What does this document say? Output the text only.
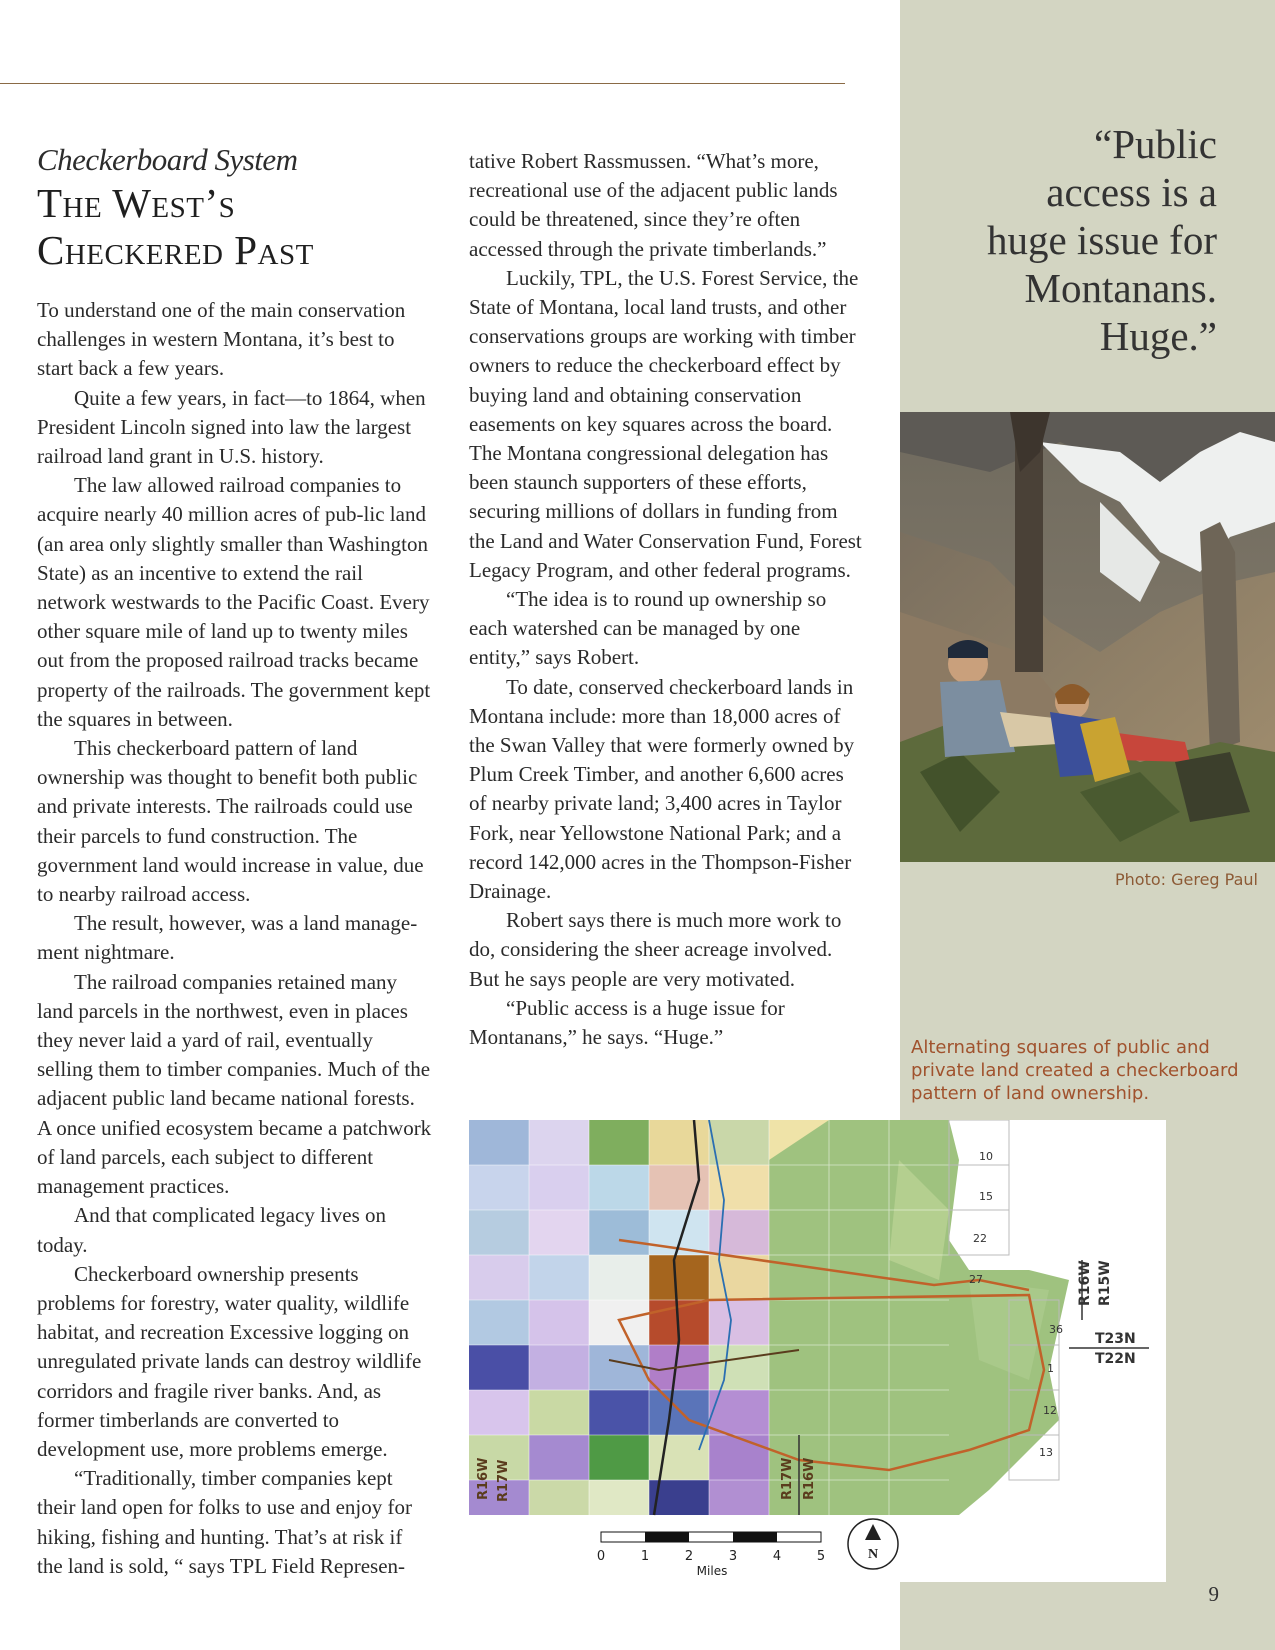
Checkerboard System
The West’s
Checkered Past

To understand one of the main conservation challenges in western Montana, it’s best to start back a few years.

Quite a few years, in fact—to 1864, when President Lincoln signed into law the largest railroad land grant in U.S. history.

The law allowed railroad companies to acquire nearly 40 million acres of pub-lic land (an area only slightly smaller than Washington State) as an incentive to extend the rail network westwards to the Pacific Coast. Every other square mile of land up to twenty miles out from the proposed railroad tracks became property of the railroads. The government kept the squares in between.

This checkerboard pattern of land ownership was thought to benefit both public and private interests. The railroads could use their parcels to fund construction. The government land would increase in value, due to nearby railroad access.

The result, however, was a land manage-ment nightmare.

The railroad companies retained many land parcels in the northwest, even in places they never laid a yard of rail, eventually selling them to timber companies. Much of the adjacent public land became national forests. A once unified ecosystem became a patchwork of land parcels, each subject to different management practices.

And that complicated legacy lives on today.

Checkerboard ownership presents problems for forestry, water quality, wildlife habitat, and recreation Excessive logging on unregulated private lands can destroy wildlife corridors and fragile river banks. And, as former timberlands are converted to development use, more problems emerge.

“Traditionally, timber companies kept their land open for folks to use and enjoy for hiking, fishing and hunting. That’s at risk if the land is sold, “ says TPL Field Represen-

tative Robert Rassmussen. “What’s more, recreational use of the adjacent public lands could be threatened, since they’re often accessed through the private timberlands.”

Luckily, TPL, the U.S. Forest Service, the State of Montana, local land trusts, and other conservations groups are working with timber owners to reduce the checkerboard effect by buying land and obtaining conservation easements on key squares across the board. The Montana congressional delegation has been staunch supporters of these efforts, securing millions of dollars in funding from the Land and Water Conservation Fund, Forest Legacy Program, and other federal programs.

“The idea is to round up ownership so each watershed can be managed by one entity,” says Robert.

To date, conserved checkerboard lands in Montana include: more than 18,000 acres of the Swan Valley that were formerly owned by Plum Creek Timber, and another 6,600 acres of nearby private land; 3,400 acres in Taylor Fork, near Yellowstone National Park; and a record 142,000 acres in the Thompson-Fisher Drainage.

Robert says there is much more work to do, considering the sheer acreage involved. But he says people are very motivated.

“Public access is a huge issue for Montanans,” he says. “Huge.”

“Public
access is a
huge issue for
Montanans.
Huge.”
Photo: Gereg Paul
Alternating squares of public and private land created a checkerboard pattern of land ownership.
10
15
22
27
36
1
12
13
R16W R15W
T23N
T22N
R16W R17W	R17W R16W
0	1	2	3	4	5
Miles
N
9
